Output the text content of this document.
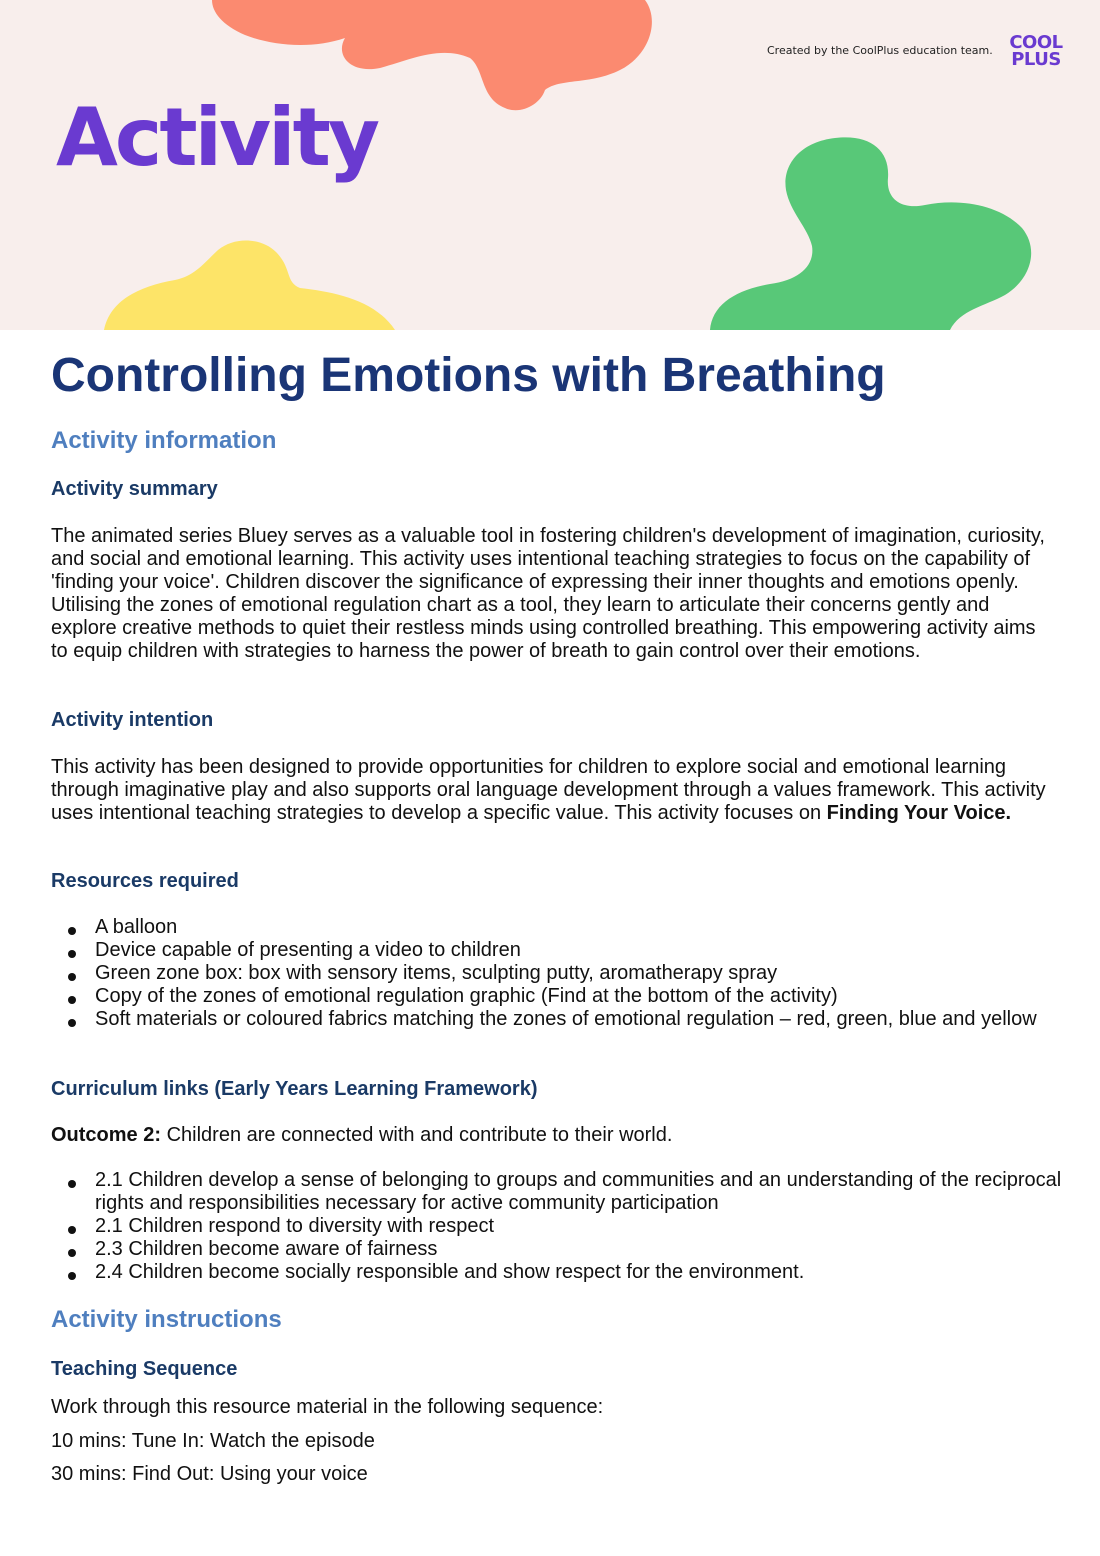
Created by the CoolPlus education team. COOL
PLUS
Activity
Controlling Emotions with Breathing
Activity information
Activity summary

The animated series Bluey serves as a valuable tool in fostering children's development of imagination, curiosity, and social and emotional learning. This activity uses intentional teaching strategies to focus on the capability of 'finding your voice'. Children discover the significance of expressing their inner thoughts and emotions openly. Utilising the zones of emotional regulation chart as a tool, they learn to articulate their concerns gently and explore creative methods to quiet their restless minds using controlled breathing. This empowering activity aims to equip children with strategies to harness the power of breath to gain control over their emotions.

Activity intention

This activity has been designed to provide opportunities for children to explore social and emotional learning through imaginative play and also supports oral language development through a values framework. This activity uses intentional teaching strategies to develop a specific value. This activity focuses on Finding Your Voice.

Resources required
A balloon
Device capable of presenting a video to children
Green zone box: box with sensory items, sculpting putty, aromatherapy spray
Copy of the zones of emotional regulation graphic (Find at the bottom of the activity)
Soft materials or coloured fabrics matching the zones of emotional regulation – red, green, blue and yellow
Curriculum links (Early Years Learning Framework)

Outcome 2: Children are connected with and contribute to their world.

2.1 Children develop a sense of belonging to groups and communities and an understanding of the reciprocal rights and responsibilities necessary for active community participation
2.1 Children respond to diversity with respect
2.3 Children become aware of fairness
2.4 Children become socially responsible and show respect for the environment.
Activity instructions
Teaching Sequence

Work through this resource material in the following sequence:

10 mins: Tune In: Watch the episode

30 mins: Find Out: Using your voice
